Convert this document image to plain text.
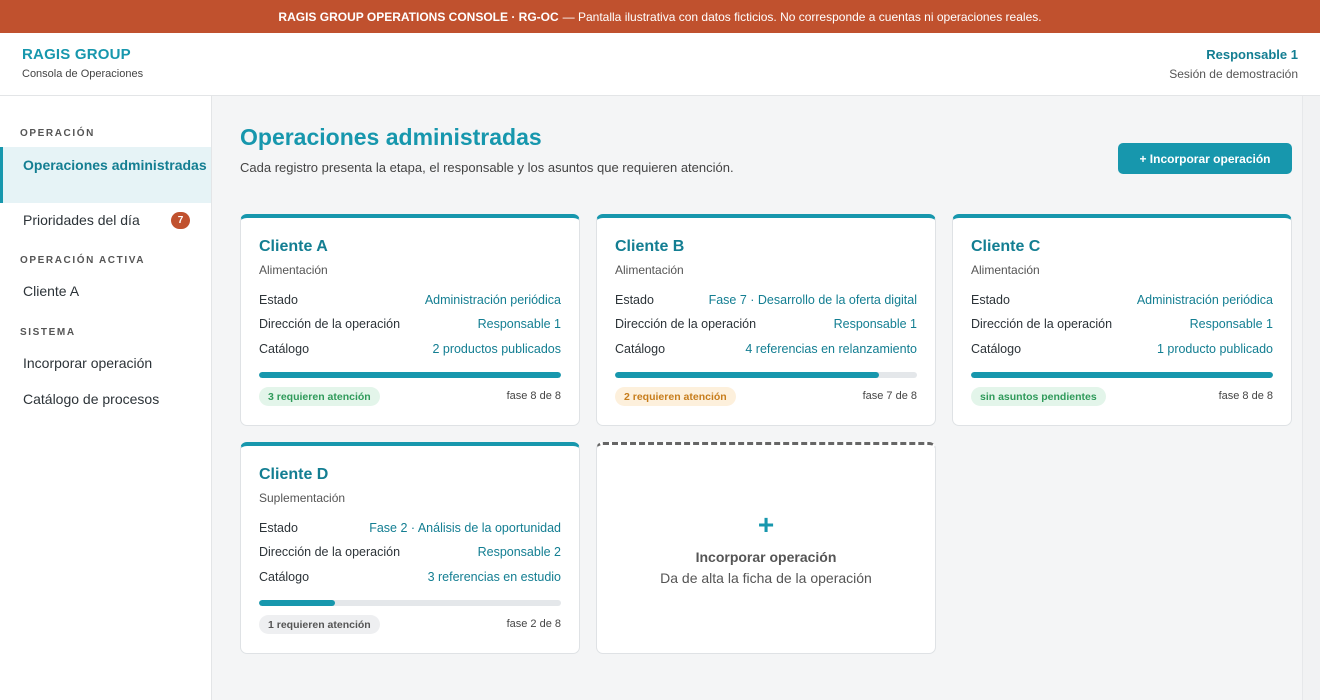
RAGIS GROUP OPERATIONS CONSOLE · RG-OC — Pantalla ilustrativa con datos ficticios. No corresponde a cuentas ni operaciones reales.
RAGIS GROUP
Consola de Operaciones
Responsable 1
Sesión de demostración
OPERACIÓN
Operaciones administradas
Prioridades del día	7
OPERACIÓN ACTIVA
Cliente A
SISTEMA
Incorporar operación
Catálogo de procesos
Operaciones administradas
Cada registro presenta la etapa, el responsable y los asuntos que requieren atención.
+ Incorporar operación
Cliente A
Alimentación
Estado	Administración periódica
Dirección de la operación	Responsable 1
Catálogo	2 productos publicados
3 requieren atención	fase 8 de 8
Cliente B
Alimentación
Estado	Fase 7 · Desarrollo de la oferta digital
Dirección de la operación	Responsable 1
Catálogo	4 referencias en relanzamiento
2 requieren atención	fase 7 de 8
Cliente C
Alimentación
Estado	Administración periódica
Dirección de la operación	Responsable 1
Catálogo	1 producto publicado
sin asuntos pendientes	fase 8 de 8
Cliente D
Suplementación
Estado	Fase 2 · Análisis de la oportunidad
Dirección de la operación	Responsable 2
Catálogo	3 referencias en estudio
1 requieren atención	fase 2 de 8
+
Incorporar operación
Da de alta la ficha de la operación
